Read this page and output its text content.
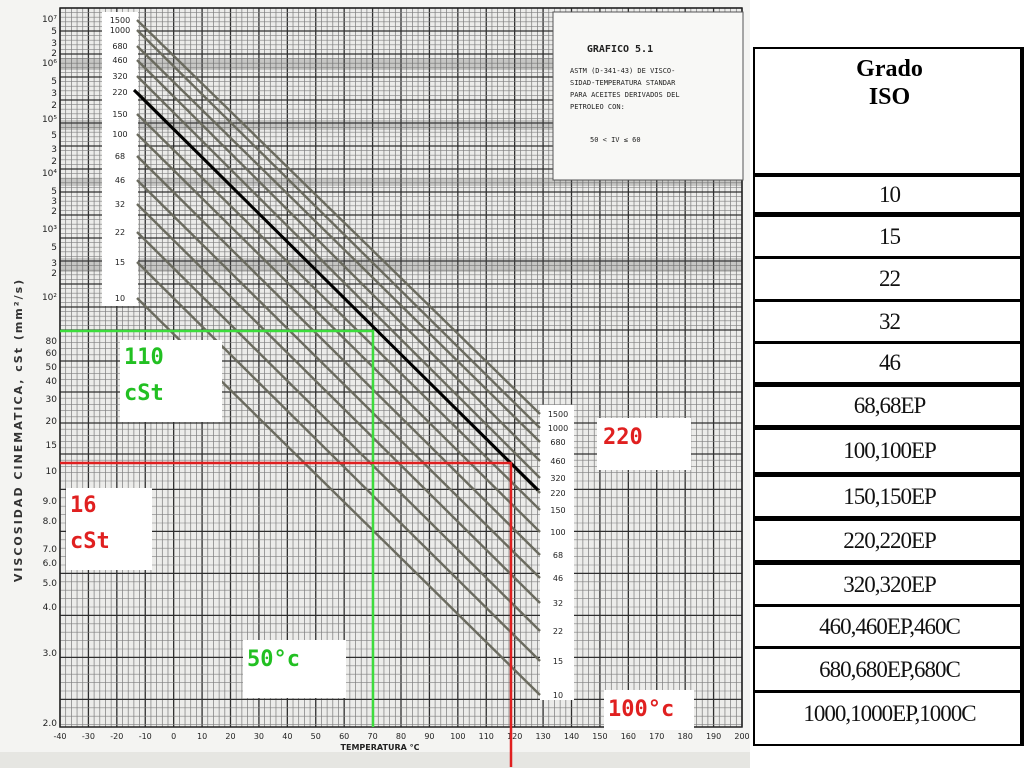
10⁷
5
3
2
10⁶
5
3
2
10⁵
5
3
2
10⁴
5
3
2
10³
5
3
2
10²
80
60
50
40
30
20
15
10
9.0
8.0
7.0
6.0
5.0
4.0
3.0
2.0
VISCOSIDAD CINEMATICA, cSt (mm²/s)
-40 -30 -20 -10 0	10 20 30 40 50 60 70 80 90 100 110 120 130 140 150 160 170 180 190 200
TEMPERATURA °C
1500
1000
680
460
320
220
150
100
68
46
32
22
15
10
1500
1000
680
460
320
220
150
100
68
46
32
22
15
10
GRAFICO 5.1
ASTM (D-341-43) DE VISCO-
SIDAD-TEMPERATURA STANDAR
PARA ACEITES DERIVADOS DEL
PETROLEO CON:
50 < IV ≤ 60
110
cSt
16
cSt
220
50°c
100°c
Grado
ISO
10
15
22
32
46
68,68EP
100,100EP
150,150EP
220,220EP
320,320EP
460,460EP,460C
680,680EP,680C
1000,1000EP,1000C
